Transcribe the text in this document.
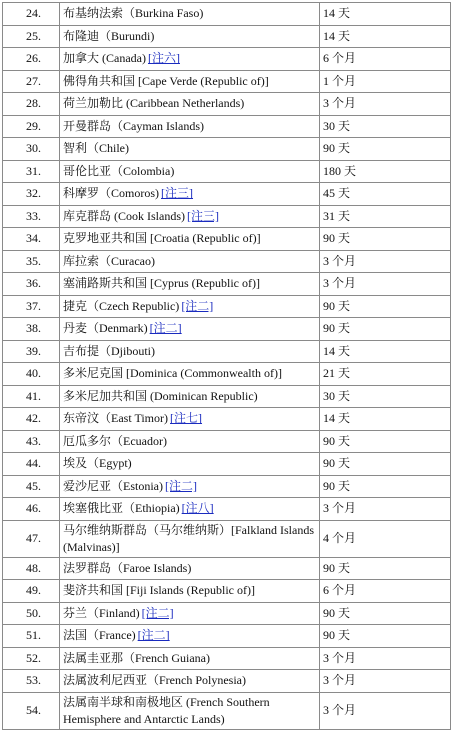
24.	布基纳法索（Burkina Faso)	14 天
25.	布隆迪（Burundi)	14 天
26.	加拿大 (Canada) [注六]	6 个月
27.	佛得角共和国 [Cape Verde (Republic of)]	1 个月
28.	荷兰加勒比 (Caribbean Netherlands)	3 个月
29.	开曼群岛（Cayman Islands)	30 天
30.	智利（Chile)	90 天
31.	哥伦比亚（Colombia)	180 天
32.	科摩罗（Comoros) [注三]	45 天
33.	库克群岛 (Cook Islands) [注三]	31 天
34.	克罗地亚共和国 [Croatia (Republic of)]	90 天
35.	库拉索（Curacao)	3 个月
36.	塞浦路斯共和国 [Cyprus (Republic of)]	3 个月
37.	捷克（Czech Republic) [注二]	90 天
38.	丹麦（Denmark) [注二]	90 天
39.	吉布提（Djibouti)	14 天
40.	多米尼克国 [Dominica (Commonwealth of)]	21 天
41.	多米尼加共和国 (Dominican Republic)	30 天
42.	东帝汶（East Timor) [注七]	14 天
43.	厄瓜多尔（Ecuador)	90 天
44.	埃及（Egypt)	90 天
45.	爱沙尼亚（Estonia) [注二]	90 天
46.	埃塞俄比亚（Ethiopia) [注八]	3 个月
47.	马尔维纳斯群岛（马尔维纳斯）[Falkland Islands (Malvinas)]	4 个月
48.	法罗群岛（Faroe Islands)	90 天
49.	斐济共和国 [Fiji Islands (Republic of)]	6 个月
50.	芬兰（Finland) [注二]	90 天
51.	法国（France) [注二]	90 天
52.	法属圭亚那（French Guiana)	3 个月
53.	法属波利尼西亚（French Polynesia)	3 个月
54.	法属南半球和南极地区 (French Southern Hemisphere and Antarctic Lands)	3 个月
